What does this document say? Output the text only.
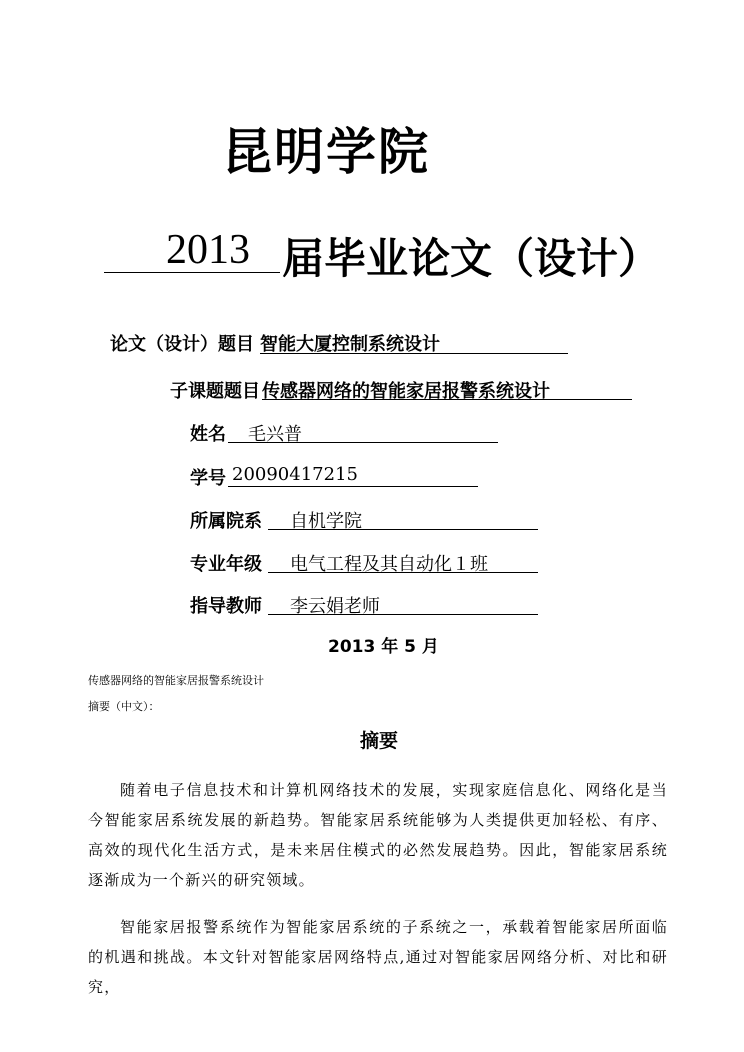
昆明学院
2013 届毕业论文（设计）
论文（设计）题目 智能大厦控制系统设计
子课题题目 传感器网络的智能家居报警系统设计
姓名 毛兴普
学号 20090417215
所属院系 自机学院
专业年级 电气工程及其自动化１班
指导教师 李云娟老师
2013 年 5 月
传感器网络的智能家居报警系统设计
摘要（中文）：
摘要
随着电子信息技术和计算机网络技术的发展，实现家庭信息化、网络化是当今智能家居系统发展的新趋势。智能家居系统能够为人类提供更加轻松、有序、高效的现代化生活方式，是未来居住模式的必然发展趋势。因此，智能家居系统逐渐成为一个新兴的研究领域。
智能家居报警系统作为智能家居系统的子系统之一，承载着智能家居所面临的机遇和挑战。本文针对智能家居网络特点,通过对智能家居网络分析、对比和研究，
